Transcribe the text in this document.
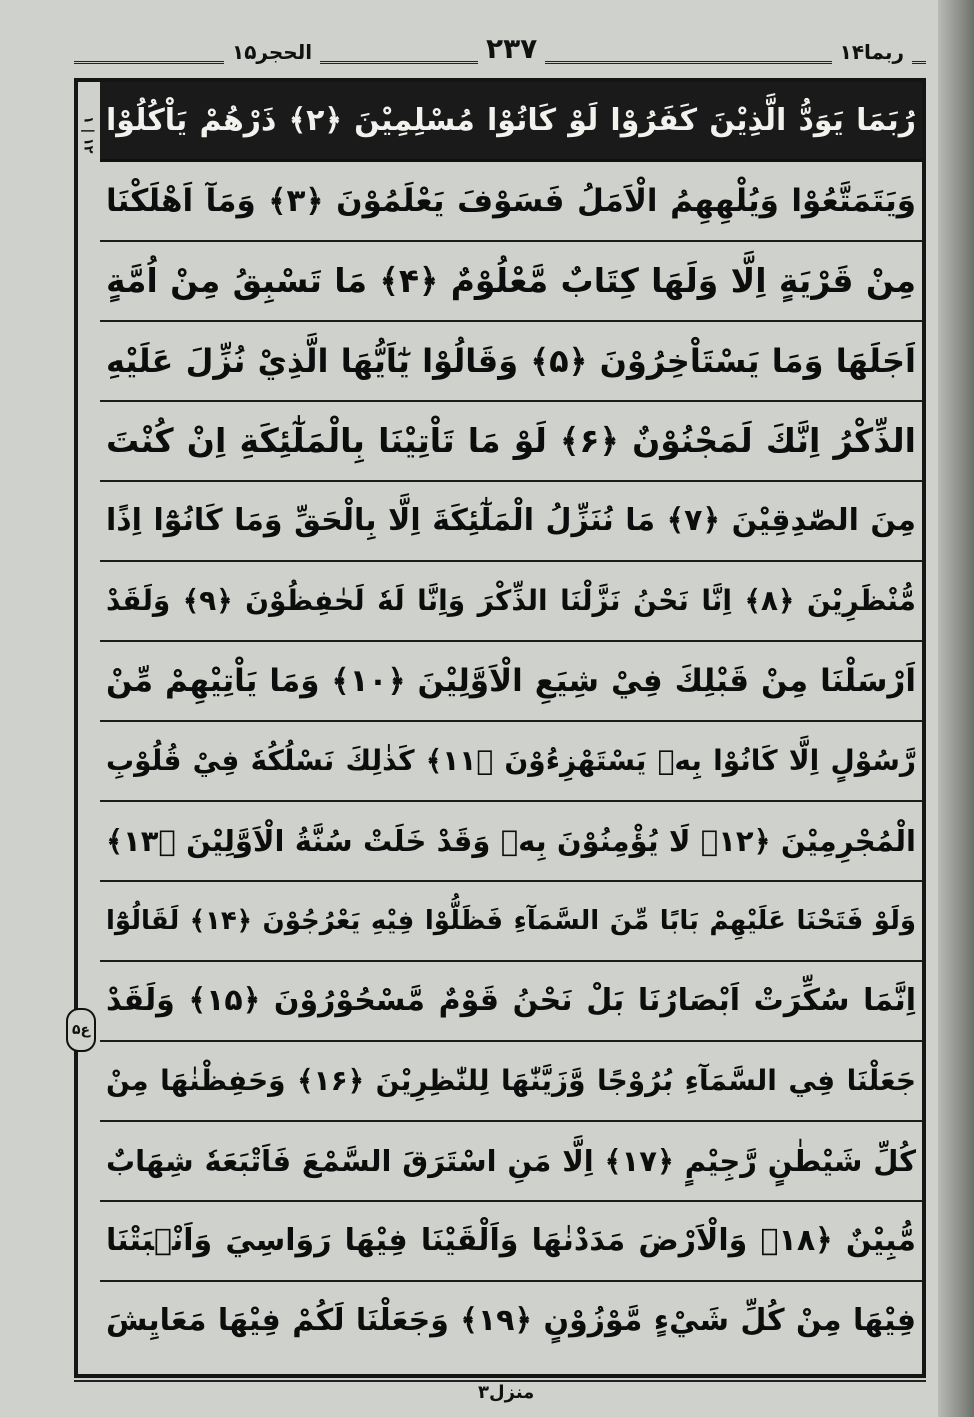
الحجر۱۵	۲۳۷	ربما۱۴
۱ | ۱۲
ع۵
رُبَمَا يَوَدُّ الَّذِيْنَ كَفَرُوْا لَوْ كَانُوْا مُسْلِمِيْنَ ﴿۲﴾ ذَرْهُمْ يَاْكُلُوْا
وَيَتَمَتَّعُوْا وَيُلْهِهِمُ الْاَمَلُ فَسَوْفَ يَعْلَمُوْنَ ﴿۳﴾ وَمَآ اَهْلَكْنَا
مِنْ قَرْيَةٍ اِلَّا وَلَهَا كِتَابٌ مَّعْلُوْمٌ ﴿۴﴾ مَا تَسْبِقُ مِنْ اُمَّةٍ
اَجَلَهَا وَمَا يَسْتَاْخِرُوْنَ ﴿۵﴾ وَقَالُوْا يٰٓاَيُّهَا الَّذِيْ نُزِّلَ عَلَيْهِ
الذِّكْرُ اِنَّكَ لَمَجْنُوْنٌ ﴿۶﴾ لَوْ مَا تَاْتِيْنَا بِالْمَلٰٓئِكَةِ اِنْ كُنْتَ
مِنَ الصّٰدِقِيْنَ ﴿۷﴾ مَا نُنَزِّلُ الْمَلٰٓئِكَةَ اِلَّا بِالْحَقِّ وَمَا كَانُوْٓا اِذًا
مُّنْظَرِيْنَ ﴿۸﴾ اِنَّا نَحْنُ نَزَّلْنَا الذِّكْرَ وَاِنَّا لَهٗ لَحٰفِظُوْنَ ﴿۹﴾ وَلَقَدْ
اَرْسَلْنَا مِنْ قَبْلِكَ فِيْ شِيَعِ الْاَوَّلِيْنَ ﴿۱۰﴾ وَمَا يَاْتِيْهِمْ مِّنْ
رَّسُوْلٍ اِلَّا كَانُوْا بِهٖ يَسْتَهْزِءُوْنَ ﴿۱۱﴾ كَذٰلِكَ نَسْلُكُهٗ فِيْ قُلُوْبِ
الْمُجْرِمِيْنَ ﴿۱۲﴾ لَا يُؤْمِنُوْنَ بِهٖ وَقَدْ خَلَتْ سُنَّةُ الْاَوَّلِيْنَ ﴿۱۳﴾
وَلَوْ فَتَحْنَا عَلَيْهِمْ بَابًا مِّنَ السَّمَآءِ فَظَلُّوْا فِيْهِ يَعْرُجُوْنَ ﴿۱۴﴾ لَقَالُوْٓا
اِنَّمَا سُكِّرَتْ اَبْصَارُنَا بَلْ نَحْنُ قَوْمٌ مَّسْحُوْرُوْنَ ﴿۱۵﴾ وَلَقَدْ
جَعَلْنَا فِي السَّمَآءِ بُرُوْجًا وَّزَيَّنّٰهَا لِلنّٰظِرِيْنَ ﴿۱۶﴾ وَحَفِظْنٰهَا مِنْ
كُلِّ شَيْطٰنٍ رَّجِيْمٍ ﴿۱۷﴾ اِلَّا مَنِ اسْتَرَقَ السَّمْعَ فَاَتْبَعَهٗ شِهَابٌ
مُّبِيْنٌ ﴿۱۸﴾ وَالْاَرْضَ مَدَدْنٰهَا وَاَلْقَيْنَا فِيْهَا رَوَاسِيَ وَاَنْۢبَتْنَا
فِيْهَا مِنْ كُلِّ شَيْءٍ مَّوْزُوْنٍ ﴿۱۹﴾ وَجَعَلْنَا لَكُمْ فِيْهَا مَعَايِشَ
منزل۳
